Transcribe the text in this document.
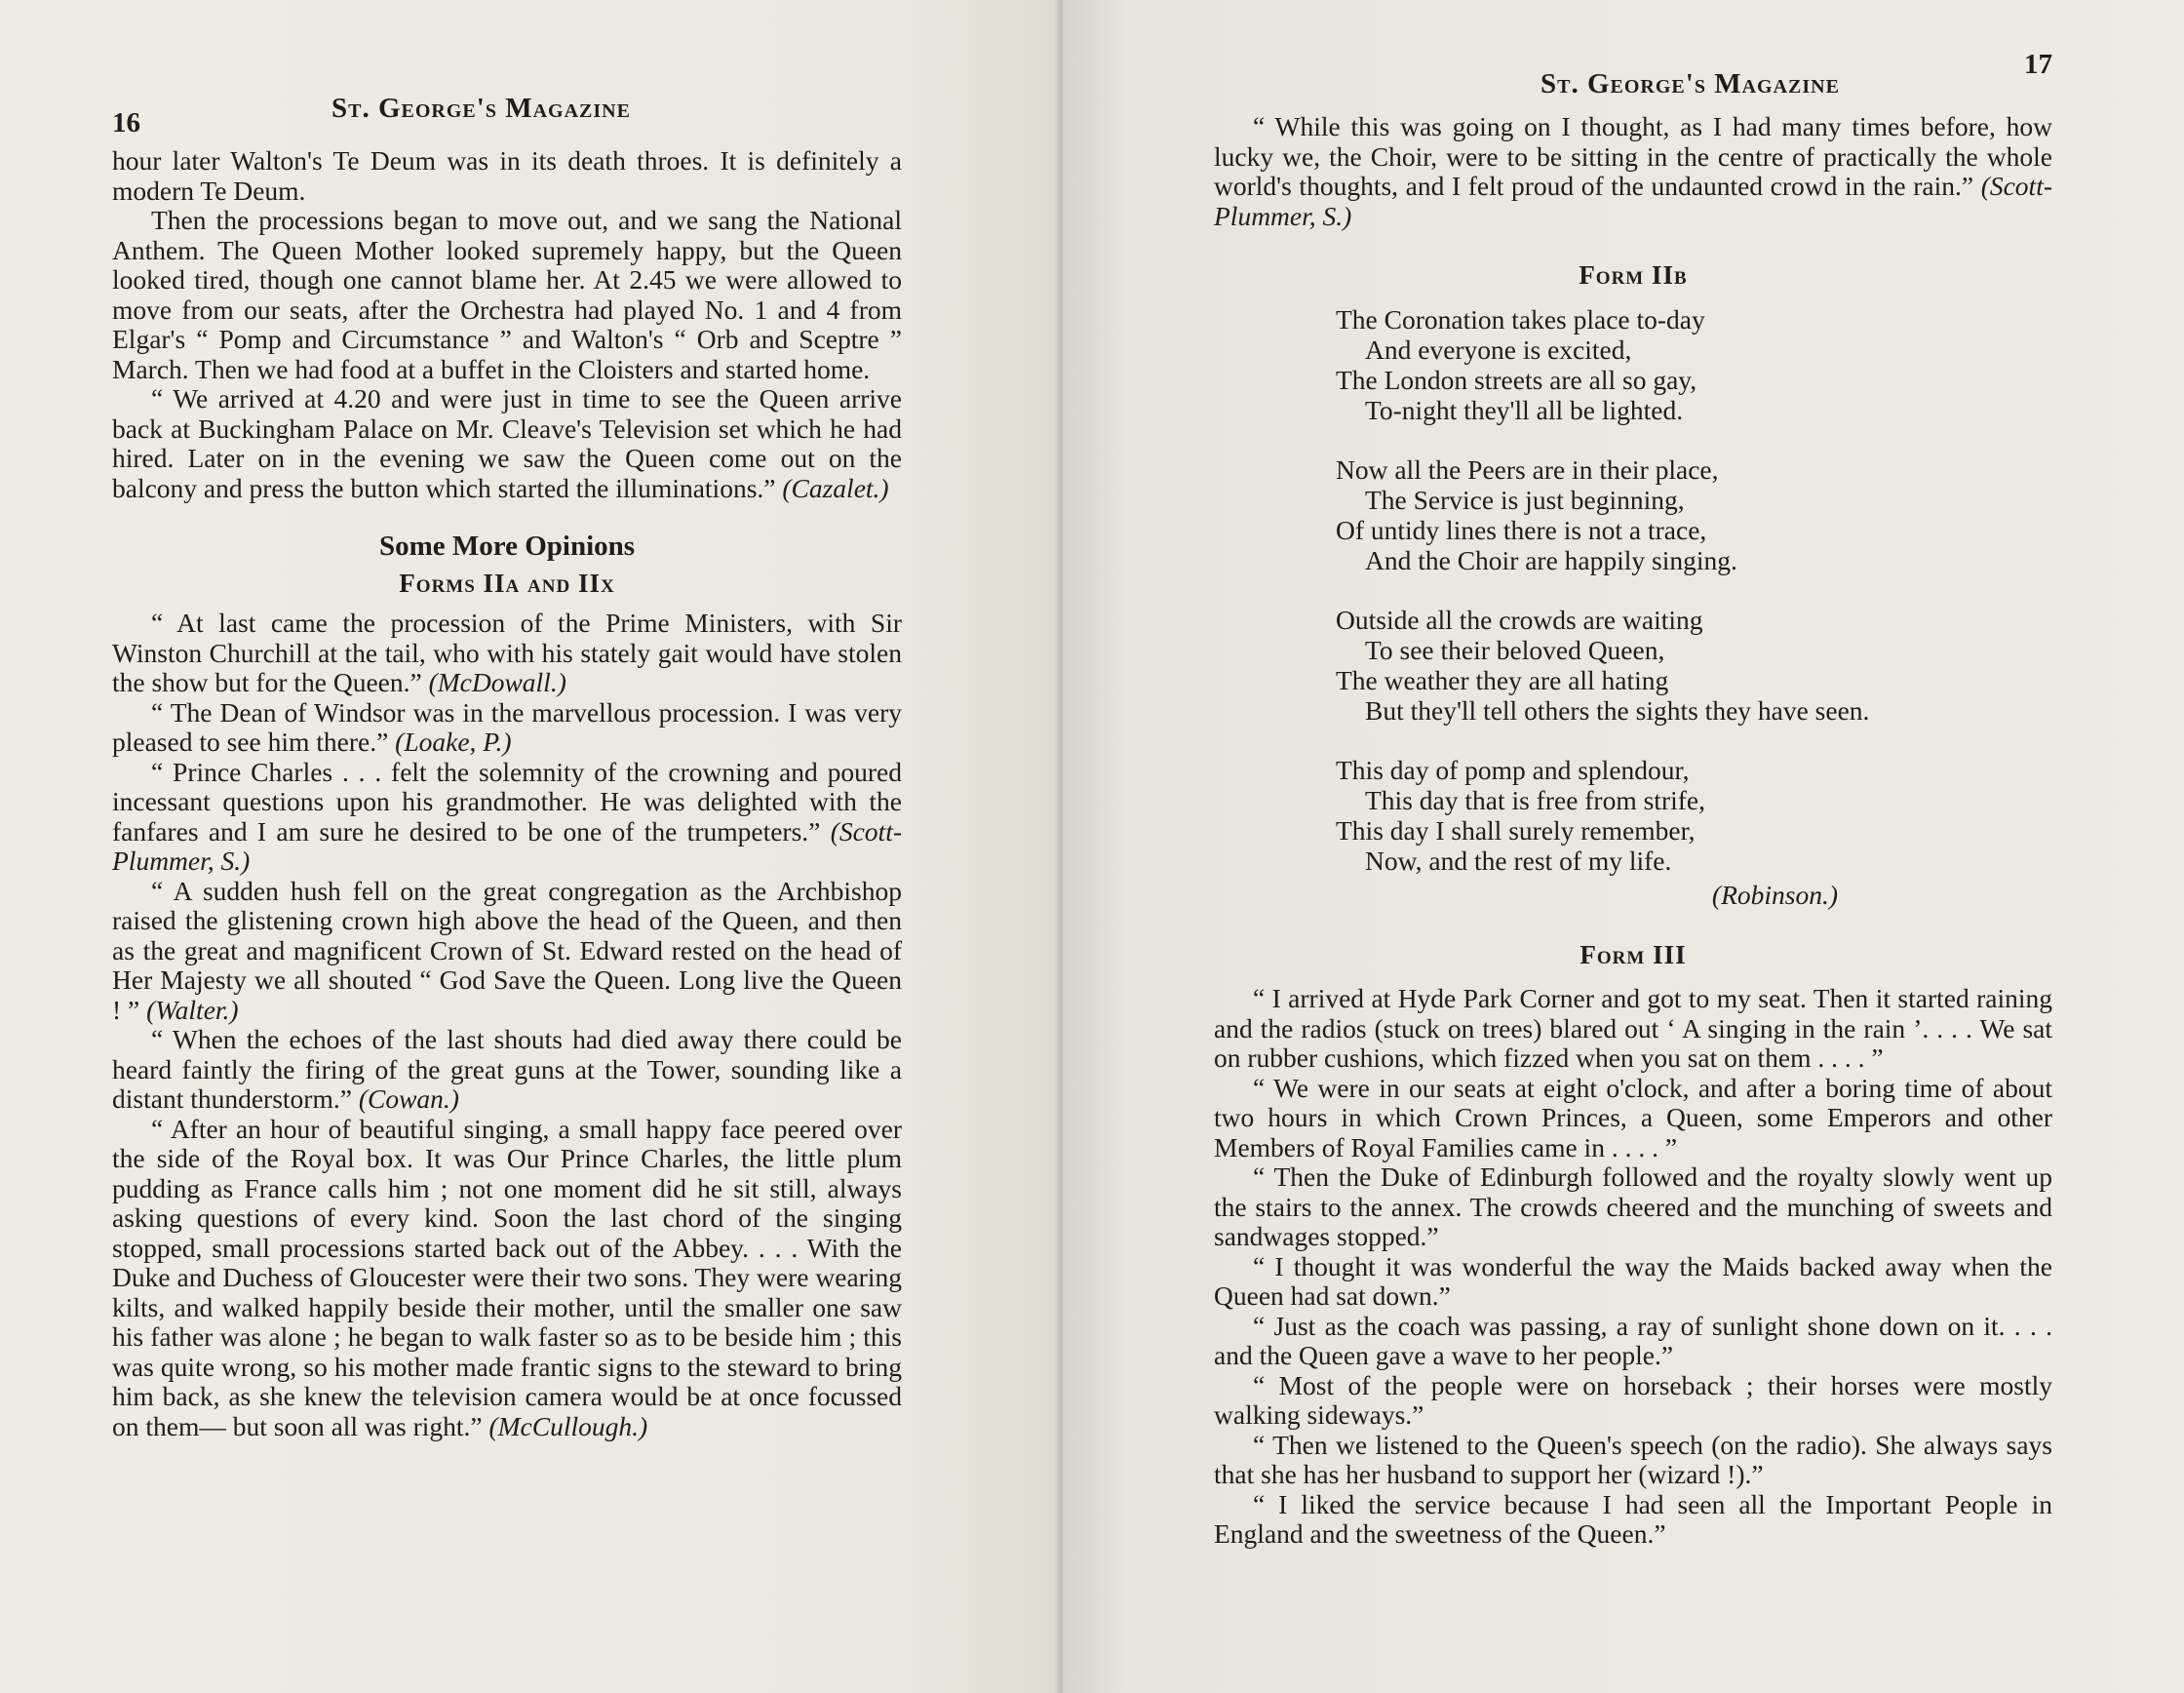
16	St. George's Magazine

hour later Walton's Te Deum was in its death throes. It is definitely a modern Te Deum.

Then the processions began to move out, and we sang the National Anthem. The Queen Mother looked supremely happy, but the Queen looked tired, though one cannot blame her. At 2.45 we were allowed to move from our seats, after the Orchestra had played No. 1 and 4 from Elgar's “ Pomp and Circumstance ” and Walton's “ Orb and Sceptre ” March. Then we had food at a buffet in the Cloisters and started home.

“ We arrived at 4.20 and were just in time to see the Queen arrive back at Buckingham Palace on Mr. Cleave's Television set which he had hired. Later on in the evening we saw the Queen come out on the balcony and press the button which started the illuminations.” (Cazalet.)

Some More Opinions
Forms IIa and IIx

“ At last came the procession of the Prime Ministers, with Sir Winston Churchill at the tail, who with his stately gait would have stolen the show but for the Queen.” (McDowall.)

“ The Dean of Windsor was in the marvellous procession. I was very pleased to see him there.” (Loake, P.)

“ Prince Charles . . . felt the solemnity of the crowning and poured incessant questions upon his grandmother. He was delighted with the fanfares and I am sure he desired to be one of the trumpeters.” (Scott-Plummer, S.)

“ A sudden hush fell on the great congregation as the Archbishop raised the glistening crown high above the head of the Queen, and then as the great and magnificent Crown of St. Edward rested on the head of Her Majesty we all shouted “ God Save the Queen. Long live the Queen ! ” (Walter.)

“ When the echoes of the last shouts had died away there could be heard faintly the firing of the great guns at the Tower, sounding like a distant thunderstorm.” (Cowan.)

“ After an hour of beautiful singing, a small happy face peered over the side of the Royal box. It was Our Prince Charles, the little plum pudding as France calls him ; not one moment did he sit still, always asking questions of every kind. Soon the last chord of the singing stopped, small processions started back out of the Abbey. . . . With the Duke and Duchess of Gloucester were their two sons. They were wearing kilts, and walked happily beside their mother, until the smaller one saw his father was alone ; he began to walk faster so as to be beside him ; this was quite wrong, so his mother made frantic signs to the steward to bring him back, as she knew the television camera would be at once focussed on them— but soon all was right.” (McCullough.)

St. George's Magazine
17

“ While this was going on I thought, as I had many times before, how lucky we, the Choir, were to be sitting in the centre of practically the whole world's thoughts, and I felt proud of the undaunted crowd in the rain.” (Scott-Plummer, S.)

Form IIb
The Coronation takes place to-day
And everyone is excited,
The London streets are all so gay,
To-night they'll all be lighted.
Now all the Peers are in their place,
The Service is just beginning,
Of untidy lines there is not a trace,
And the Choir are happily singing.
Outside all the crowds are waiting
To see their beloved Queen,
The weather they are all hating
But they'll tell others the sights they have seen.
This day of pomp and splendour,
This day that is free from strife,
This day I shall surely remember,
Now, and the rest of my life.
(Robinson.)
Form III

“ I arrived at Hyde Park Corner and got to my seat. Then it started raining and the radios (stuck on trees) blared out ‘ A singing in the rain ’. . . . We sat on rubber cushions, which fizzed when you sat on them . . . . ”

“ We were in our seats at eight o'clock, and after a boring time of about two hours in which Crown Princes, a Queen, some Emperors and other Members of Royal Families came in . . . . ”

“ Then the Duke of Edinburgh followed and the royalty slowly went up the stairs to the annex. The crowds cheered and the munching of sweets and sandwages stopped.”

“ I thought it was wonderful the way the Maids backed away when the Queen had sat down.”

“ Just as the coach was passing, a ray of sunlight shone down on it. . . . and the Queen gave a wave to her people.”

“ Most of the people were on horseback ; their horses were mostly walking sideways.”

“ Then we listened to the Queen's speech (on the radio). She always says that she has her husband to support her (wizard !).”

“ I liked the service because I had seen all the Important People in England and the sweetness of the Queen.”
